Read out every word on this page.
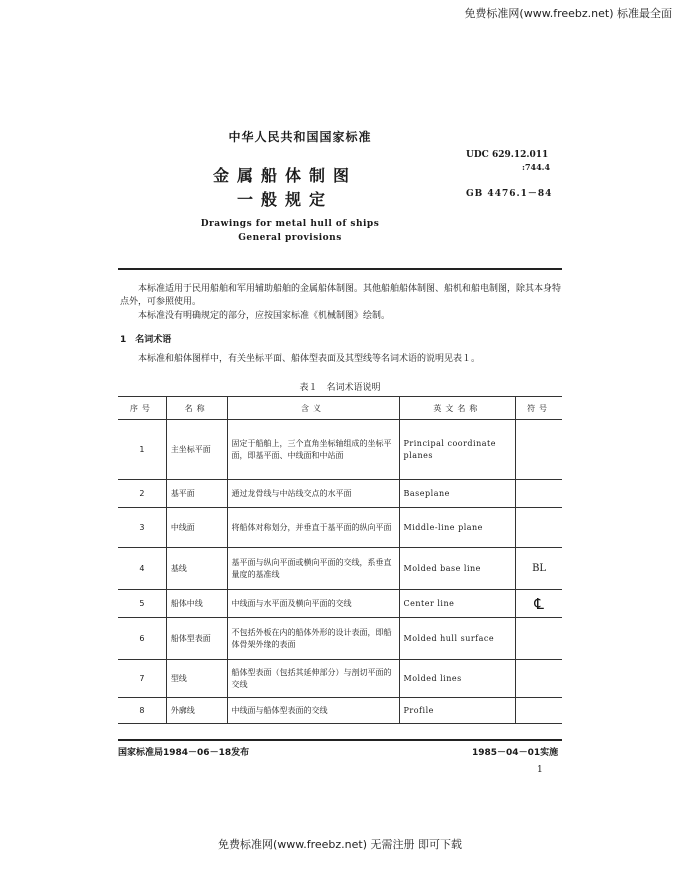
免费标准网(www.freebz.net) 标准最全面
中华人民共和国国家标准
金属船体制图
一般规定
Drawings for metal hull of ships
General provisions
UDC 629.12.011
:744.4
GB 4476.1－84
本标准适用于民用船舶和军用辅助船舶的金属船体制图。其他船舶船体制图、船机和船电制图，除其本身特点外，可参照使用。
本标准没有明确规定的部分，应按国家标准《机械制图》绘制。
1　名词术语
本标准和船体图样中，有关坐标平面、船体型表面及其型线等名词术语的说明见表１。
表１　名词术语说明
序号	名称	含义	英文名称	符号
1	主坐标平面	固定于船舶上，三个直角坐标轴组成的坐标平面，即基平面、中线面和中站面	Principal coordinate planes	
2	基平面	通过龙骨线与中站线交点的水平面	Baseplane	
3	中线面	将船体对称划分，并垂直于基平面的纵向平面	Middle-line plane	
4	基线	基平面与纵向平面或横向平面的交线，系垂直量度的基准线	Molded base line	BL
5	船体中线	中线面与水平面及横向平面的交线	Center line	℄
6	船体型表面	不包括外板在内的船体外形的设计表面，即船体骨架外缘的表面	Molded hull surface	
7	型线	船体型表面（包括其延伸部分）与剖切平面的交线	Molded lines	
8	外廓线	中线面与船体型表面的交线	Profile	
国家标准局1984－06－18发布	1985－04－01实施
1
免费标准网(www.freebz.net) 无需注册 即可下载
